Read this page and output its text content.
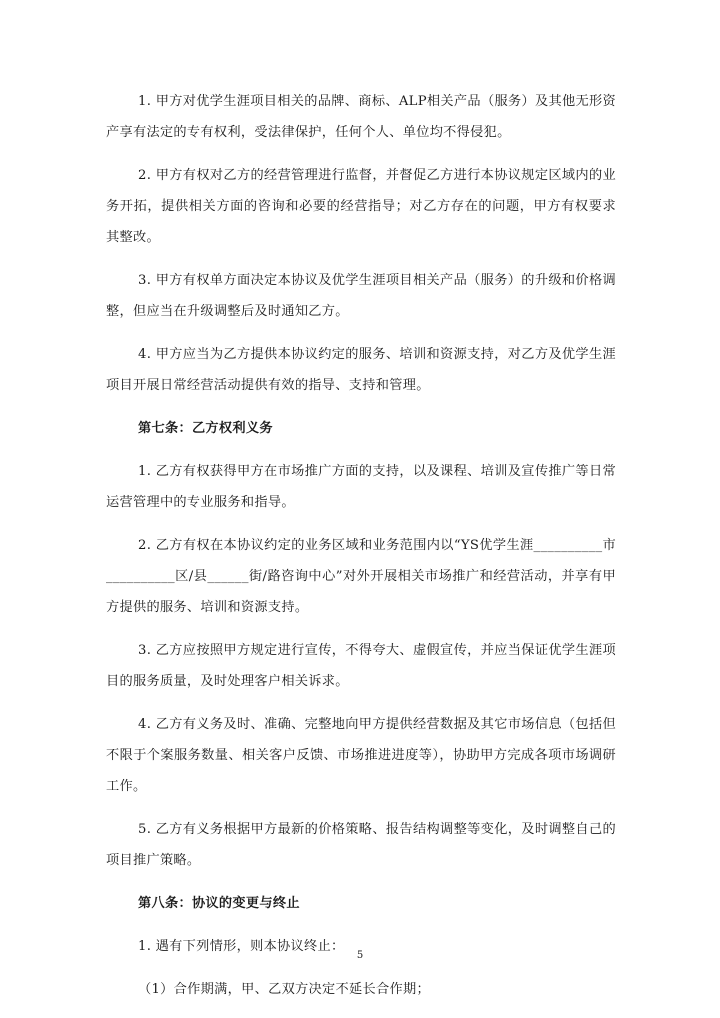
1. 甲方对优学生涯项目相关的品牌、商标、ALP相关产品（服务）及其他无形资产享有法定的专有权利，受法律保护，任何个人、单位均不得侵犯。

2. 甲方有权对乙方的经营管理进行监督，并督促乙方进行本协议规定区域内的业务开拓，提供相关方面的咨询和必要的经营指导；对乙方存在的问题，甲方有权要求其整改。

3. 甲方有权单方面决定本协议及优学生涯项目相关产品（服务）的升级和价格调整，但应当在升级调整后及时通知乙方。

4. 甲方应当为乙方提供本协议约定的服务、培训和资源支持，对乙方及优学生涯项目开展日常经营活动提供有效的指导、支持和管理。

第七条：乙方权利义务

1. 乙方有权获得甲方在市场推广方面的支持，以及课程、培训及宣传推广等日常运营管理中的专业服务和指导。

2. 乙方有权在本协议约定的业务区域和业务范围内以“YS优学生涯__________市__________区/县______街/路咨询中心”对外开展相关市场推广和经营活动，并享有甲方提供的服务、培训和资源支持。

3. 乙方应按照甲方规定进行宣传，不得夸大、虚假宣传，并应当保证优学生涯项目的服务质量，及时处理客户相关诉求。

4. 乙方有义务及时、准确、完整地向甲方提供经营数据及其它市场信息（包括但不限于个案服务数量、相关客户反馈、市场推进进度等），协助甲方完成各项市场调研工作。

5. 乙方有义务根据甲方最新的价格策略、报告结构调整等变化，及时调整自己的项目推广策略。

第八条：协议的变更与终止

1. 遇有下列情形，则本协议终止：

（1）合作期满，甲、乙双方决定不延长合作期；

5
